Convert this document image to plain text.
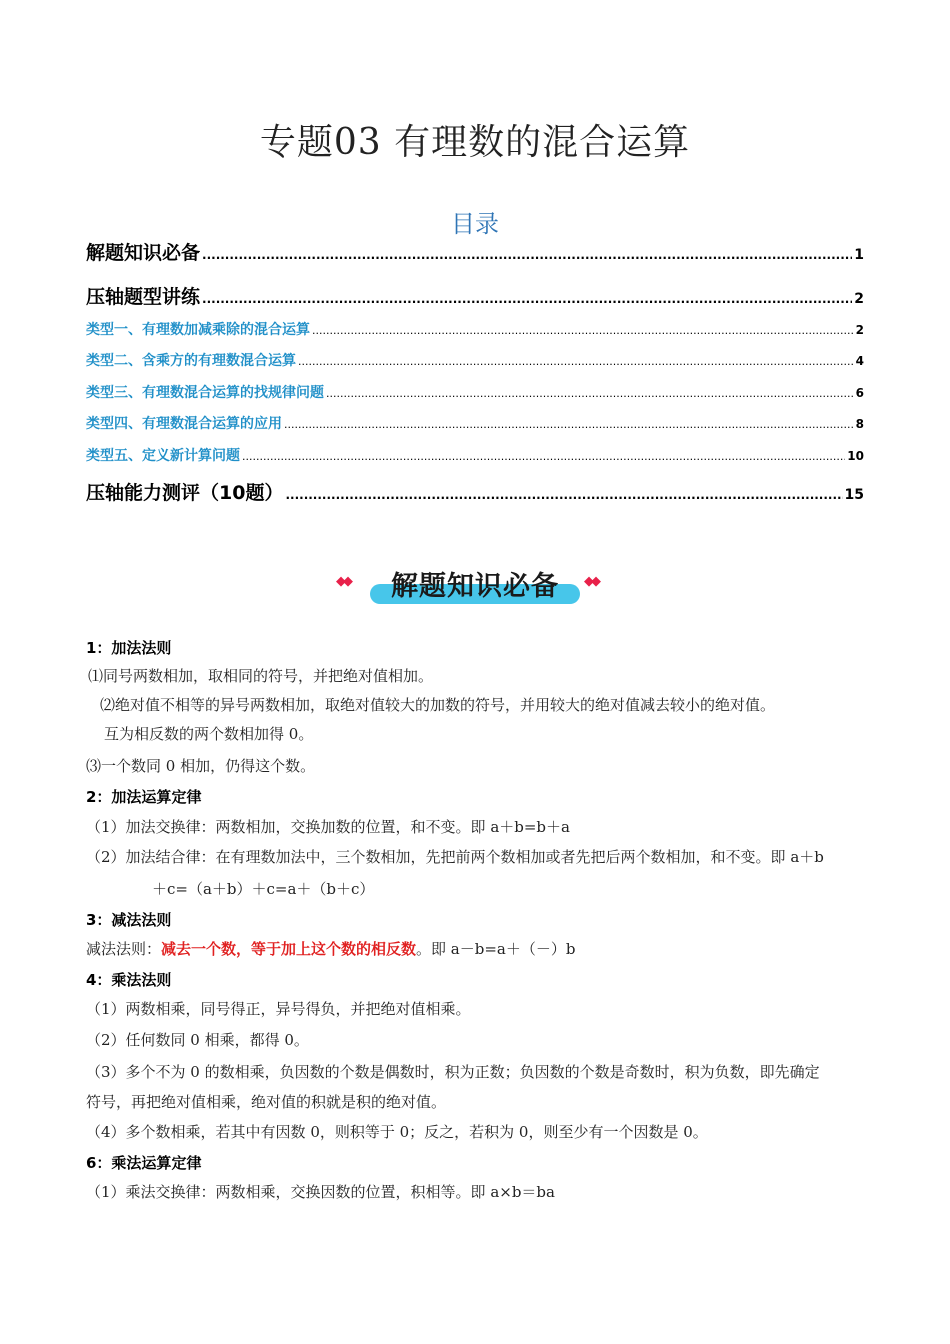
专题03 有理数的混合运算
目录
解题知识必备 .....	1
压轴题型讲练 .....	2
类型一、有理数加减乘除的混合运算 .....	2
类型二、含乘方的有理数混合运算 .....	4
类型三、有理数混合运算的找规律问题 .....	6
类型四、有理数混合运算的应用 .....	8
类型五、定义新计算问题 .....	10
压轴能力测评（10题） .....	15
◆◆	解题知识必备	◆◆
1：加法法则
⑴同号两数相加，取相同的符号，并把绝对值相加。
⑵绝对值不相等的异号两数相加，取绝对值较大的加数的符号，并用较大的绝对值减去较小的绝对值。
互为相反数的两个数相加得 0。
⑶一个数同 0 相加，仍得这个数。
2：加法运算定律
（1）加法交换律：两数相加，交换加数的位置，和不变。即 a＋b=b＋a
（2）加法结合律：在有理数加法中，三个数相加，先把前两个数相加或者先把后两个数相加，和不变。即 a＋b
＋c=（a＋b）＋c=a＋（b＋c）
3：减法法则
减法法则：减去一个数，等于加上这个数的相反数。即 a－b=a＋（－）b
4：乘法法则
（1）两数相乘，同号得正，异号得负，并把绝对值相乘。
（2）任何数同 0 相乘，都得 0。
（3）多个不为 0 的数相乘，负因数的个数是偶数时，积为正数；负因数的个数是奇数时，积为负数，即先确定
符号，再把绝对值相乘，绝对值的积就是积的绝对值。
（4）多个数相乘，若其中有因数 0，则积等于 0；反之，若积为 0，则至少有一个因数是 0。
6：乘法运算定律
（1）乘法交换律：两数相乘，交换因数的位置，积相等。即 a×b＝ba
